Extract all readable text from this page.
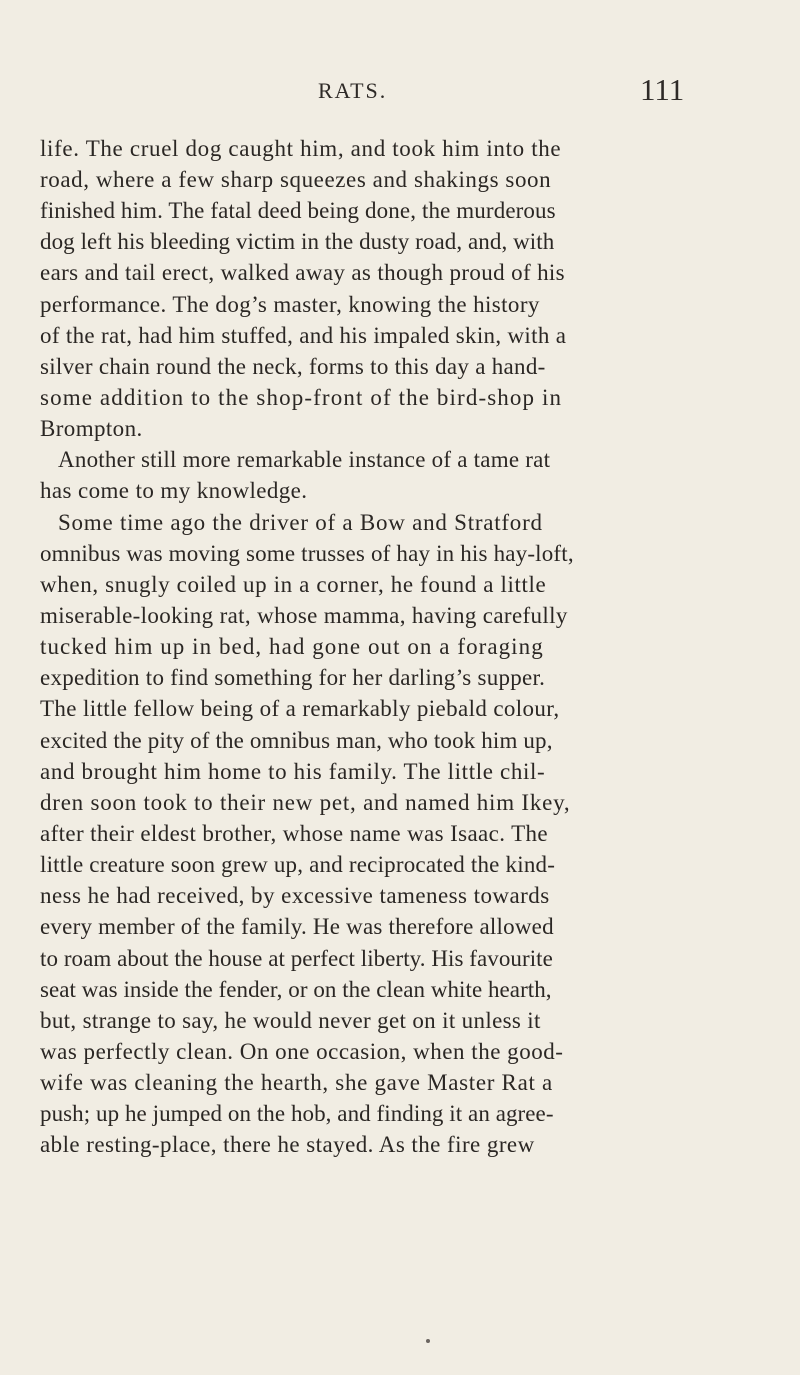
RATS.	111
life. The cruel dog caught him, and took him into the
road, where a few sharp squeezes and shakings soon
finished him. The fatal deed being done, the murderous
dog left his bleeding victim in the dusty road, and, with
ears and tail erect, walked away as though proud of his
performance. The dog’s master, knowing the history
of the rat, had him stuffed, and his impaled skin, with a
silver chain round the neck, forms to this day a hand-
some addition to the shop-front of the bird-shop in
Brompton.
Another still more remarkable instance of a tame rat
has come to my knowledge.
Some time ago the driver of a Bow and Stratford
omnibus was moving some trusses of hay in his hay-loft,
when, snugly coiled up in a corner, he found a little
miserable-looking rat, whose mamma, having carefully
tucked him up in bed, had gone out on a foraging
expedition to find something for her darling’s supper.
The little fellow being of a remarkably piebald colour,
excited the pity of the omnibus man, who took him up,
and brought him home to his family. The little chil-
dren soon took to their new pet, and named him Ikey,
after their eldest brother, whose name was Isaac. The
little creature soon grew up, and reciprocated the kind-
ness he had received, by excessive tameness towards
every member of the family. He was therefore allowed
to roam about the house at perfect liberty. His favourite
seat was inside the fender, or on the clean white hearth,
but, strange to say, he would never get on it unless it
was perfectly clean. On one occasion, when the good-
wife was cleaning the hearth, she gave Master Rat a
push; up he jumped on the hob, and finding it an agree-
able resting-place, there he stayed. As the fire grew
